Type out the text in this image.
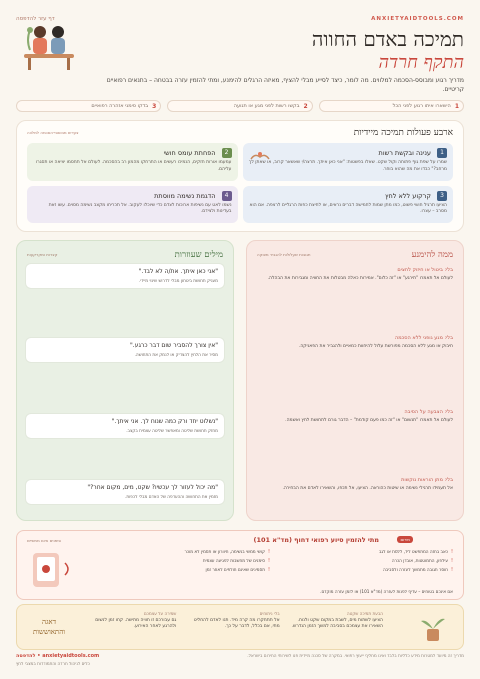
ANXIETYAIDTOOLS.COM
דף עזר להדפסה
תמיכה באדם החווה
התקף חרדה
מדריך רגוע ומבוסס-הסכמה למלווים. מה לומר, כיצד לסייע מבלי להציף, מאיזה הרגלים להימנע, ומתי להזמין עזרה בבטחה – בתנאים רפואיים קריטיים.
1
הישארו איתו רגוע לפני הכל
2
בקשו רשות לפני מגע או תנועה
3
בדקו סימני אזהרה רפואיים
ארבע פעולות תמיכה מיידיות
צעדים מבוססי-הסכמה למלווה
1
ענינה ובקשת רשות
שמרו על שפת גוף פתוחה וקול שקט. שאלו בפשטות: "אני כאן איתך. תרצה/י שאשאר קרוב, או שאתן לך מרחב?" כבדו את מה שהוא בוחר.
2
הפחתת עומס חושי
עמעמו אורות חזקים, הנמיכו רעשים או התרחקו מהמון רב בהסכמה. לעולם אל תחסמו יציאה או תסגרו עליהם.
3
קרקוע ללא לחץ
הציעו תרגיל חושי פשוט, כמו מתן שמות לחמישה דברים נראים, או לחיצת כפות הרגליים לרצפה. אם הוא מסרב – עצרו.
4
הדגמת נשימה מווסתת
נשמו לאט עם נשיפות ארוכות לצדם כדי שיוכלו לעקוב. אל תכריחו מקצב נשימה מסוים. עשו זאת בעדינות ולצידם.
מילים שעוזרות
קצרות ומקרקעות
"אני כאן איתך. את/ה לא לבד."
מעניק תחושת ביטחון מבלי לדרוש שינוי מיידי.
"אין צורך להסביר שום דבר כרגע."
מסיר את הלחץ להצדיק או לנמק את התחושה.
"נשלוט יחד ורק כמה שנוח לך. אני איתך."
מחזק תחושת שליטה ומאפשר שליטה עצמית בקצב.
"מה יכול לעזור לך עכשיו? שקט, מים, מקום אחר?"
מזמין את התחושה וההעדפה של האדם מבלי לכפות.
ממה להימנע
תגובות שעלולות להגביר מצוקה
בלי: ביטול או חיזוק לחצים
לעולם אל תאמרו "תירגע" או "זה כלום". אמירות כאלה מבטלות את החוויה ומגבירות את הבהלה.
בלי: מגע גופני ללא הסכמה
חיבוק או מגע ללא הסכמה מפורשת עלול להיחוות כמאיים ולהגביר את הפאניקה.
בלי: הצבעה על הסיבה
לעולם אל תאמרו "תנשום" או "זה כמו פעם קודמת" – הדבר גורם לתחושת לחץ ואשמה.
בלי: מתן הוראות נוקשות
אל תעמידו תרגילי נשימה או שיטות כהוראה. הציעו, אל תכפו, והשאירו לאדם את הבחירה.
מתי להזמין סיוע רפואי דחוף (מד"א 101)	חירום
סימנים איום ממשיים
!
כאב בחזה המתפשט ליד, ללסת או לגב
!
קושי ממשי בנשימה, חיוורון או תסמין לא מוכר
!
עילפון, התמוטטות, אובדן הכרה
!
סימנים של מחשבות לפגיעה עצמית
!
חוסר תגובה מתמשך לעזרה ולסביבה
!
תסמינים שאינם חולפים לאחר זמן
אם אינכם בטוחים – עדיף לפנות לעזרה (מד"א 101) או לזמן עזרה מוקדם.
הבעת תמיכה שקטה
הציעו לשתות מים, לשבת במקום שקט ולנוח. השאירו את עצמכם בסביבה למשך הזמן הנדרש.
בלי ניתוחים
אל תתחקרו מה קרה מיד. תנו לאדם להחליט מתי, אם בכלל, לדבר על כך.
שמירה על עצמכם
גם עבורכם זו חוויה מתישה. קחו זמן לנשום ולהרגע לאחר האירוע.
דאגה והתאוששות
anxietyaidtools.com • להדפסה
כלים לניהול חרדה והתמודדות במצבי לחץ
מדריך זה מיועד למטרות מידע כלליות בלבד ואינו מחליף ייעוץ רפואי. במקרה של סכנה מיידית פנו לשירותי החירום בישראל.
